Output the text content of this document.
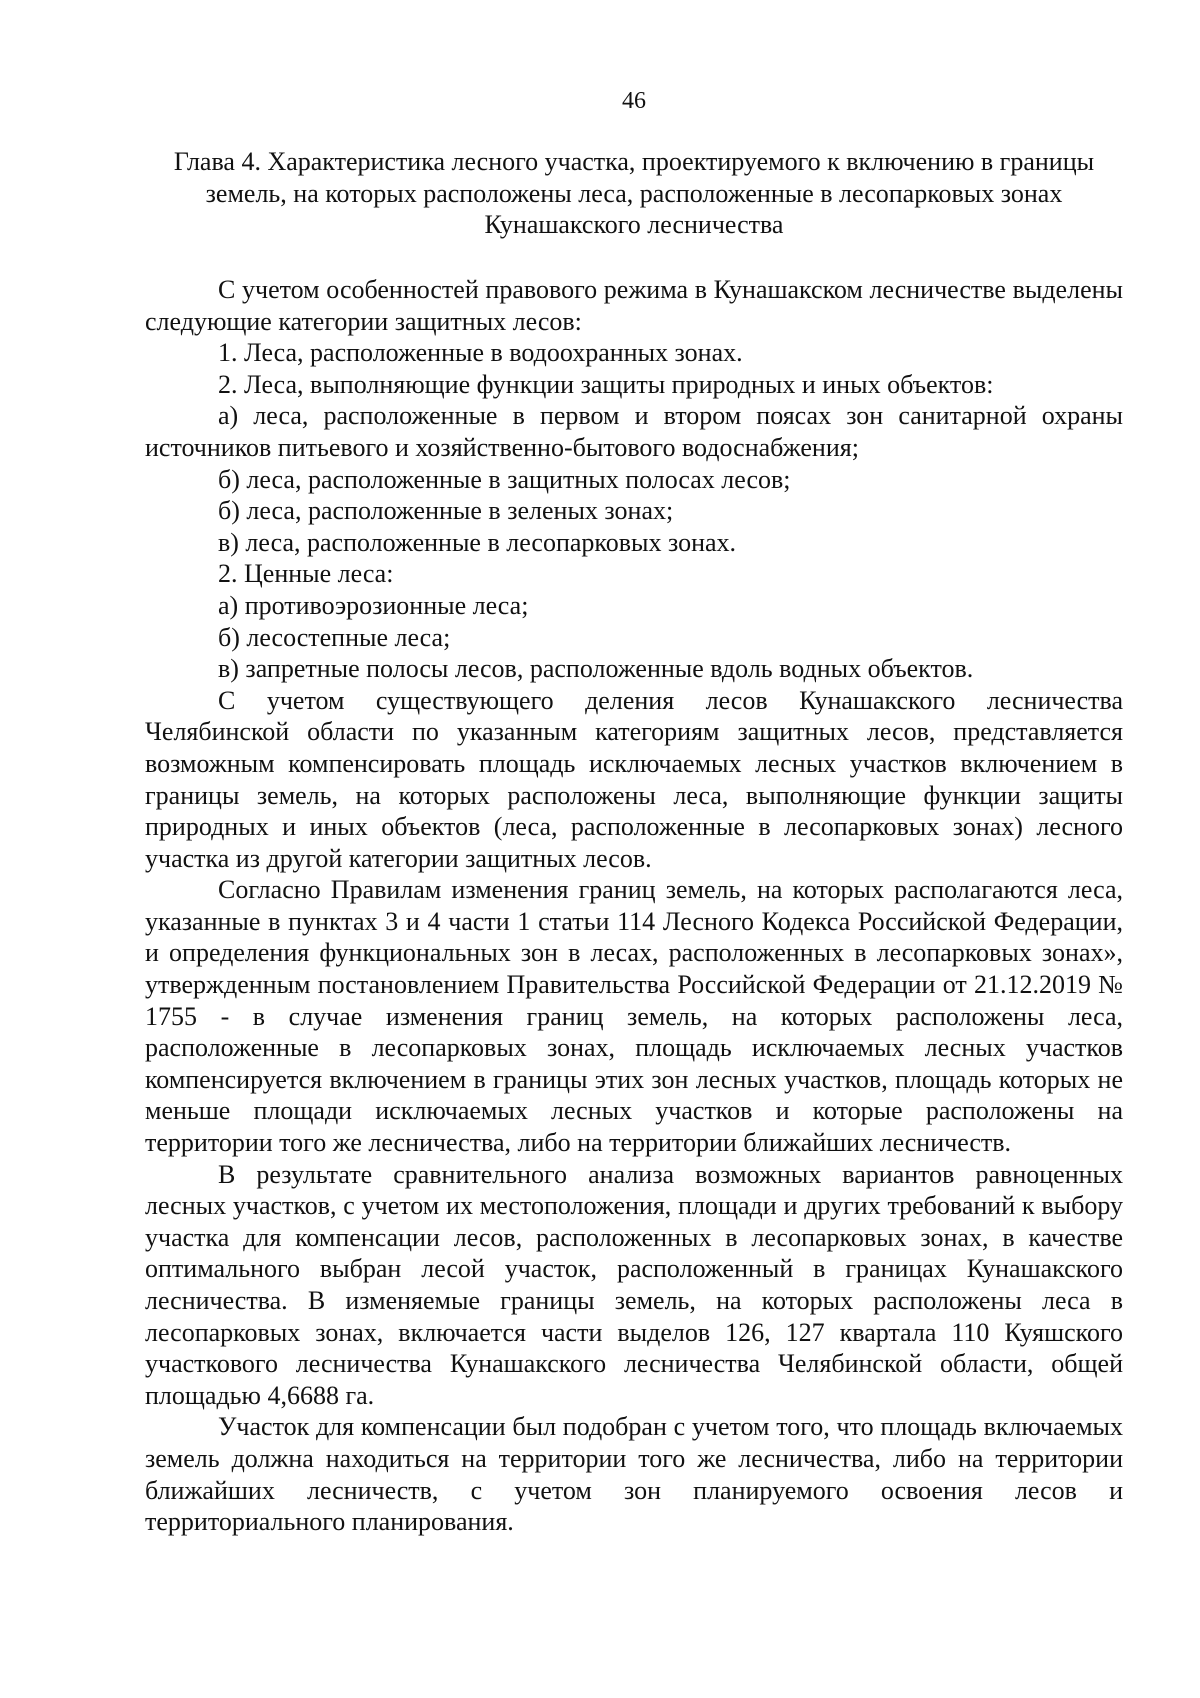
46
Глава 4. Характеристика лесного участка, проектируемого к включению в границы земель, на которых расположены леса, расположенные в лесопарковых зонах Кунашакского лесничества

С учетом особенностей правового режима в Кунашакском лесничестве выделены следующие категории защитных лесов:

1. Леса, расположенные в водоохранных зонах.

2. Леса, выполняющие функции защиты природных и иных объектов:

а) леса, расположенные в первом и втором поясах зон санитарной охраны источников питьевого и хозяйственно-бытового водоснабжения;

б) леса, расположенные в защитных полосах лесов;

б) леса, расположенные в зеленых зонах;

в) леса, расположенные в лесопарковых зонах.

2. Ценные леса:

а) противоэрозионные леса;

б) лесостепные леса;

в) запретные полосы лесов, расположенные вдоль водных объектов.

С учетом существующего деления лесов Кунашакского лесничества Челябинской области по указанным категориям защитных лесов, представляется возможным компенсировать площадь исключаемых лесных участков включением в границы земель, на которых расположены леса, выполняющие функции защиты природных и иных объектов (леса, расположенные в лесопарковых зонах) лесного участка из другой категории защитных лесов.

Согласно Правилам изменения границ земель, на которых располагаются леса, указанные в пунктах 3 и 4 части 1 статьи 114 Лесного Кодекса Российской Федерации, и определения функциональных зон в лесах, расположенных в лесопарковых зонах», утвержденным постановлением Правительства Российской Федерации от 21.12.2019 № 1755 - в случае изменения границ земель, на которых расположены леса, расположенные в лесопарковых зонах, площадь исключаемых лесных участков компенсируется включением в границы этих зон лесных участков, площадь которых не меньше площади исключаемых лесных участков и которые расположены на территории того же лесничества, либо на территории ближайших лесничеств.

В результате сравнительного анализа возможных вариантов равноценных лесных участков, с учетом их местоположения, площади и других требований к выбору участка для компенсации лесов, расположенных в лесопарковых зонах, в качестве оптимального выбран лесой участок, расположенный в границах Кунашакского лесничества. В изменяемые границы земель, на которых расположены леса в лесопарковых зонах, включается части выделов 126, 127 квартала 110 Куяшского участкового лесничества Кунашакского лесничества Челябинской области, общей площадью 4,6688 га.

Участок для компенсации был подобран с учетом того, что площадь включаемых земель должна находиться на территории того же лесничества, либо на территории ближайших лесничеств, с учетом зон планируемого освоения лесов и территориального планирования.
